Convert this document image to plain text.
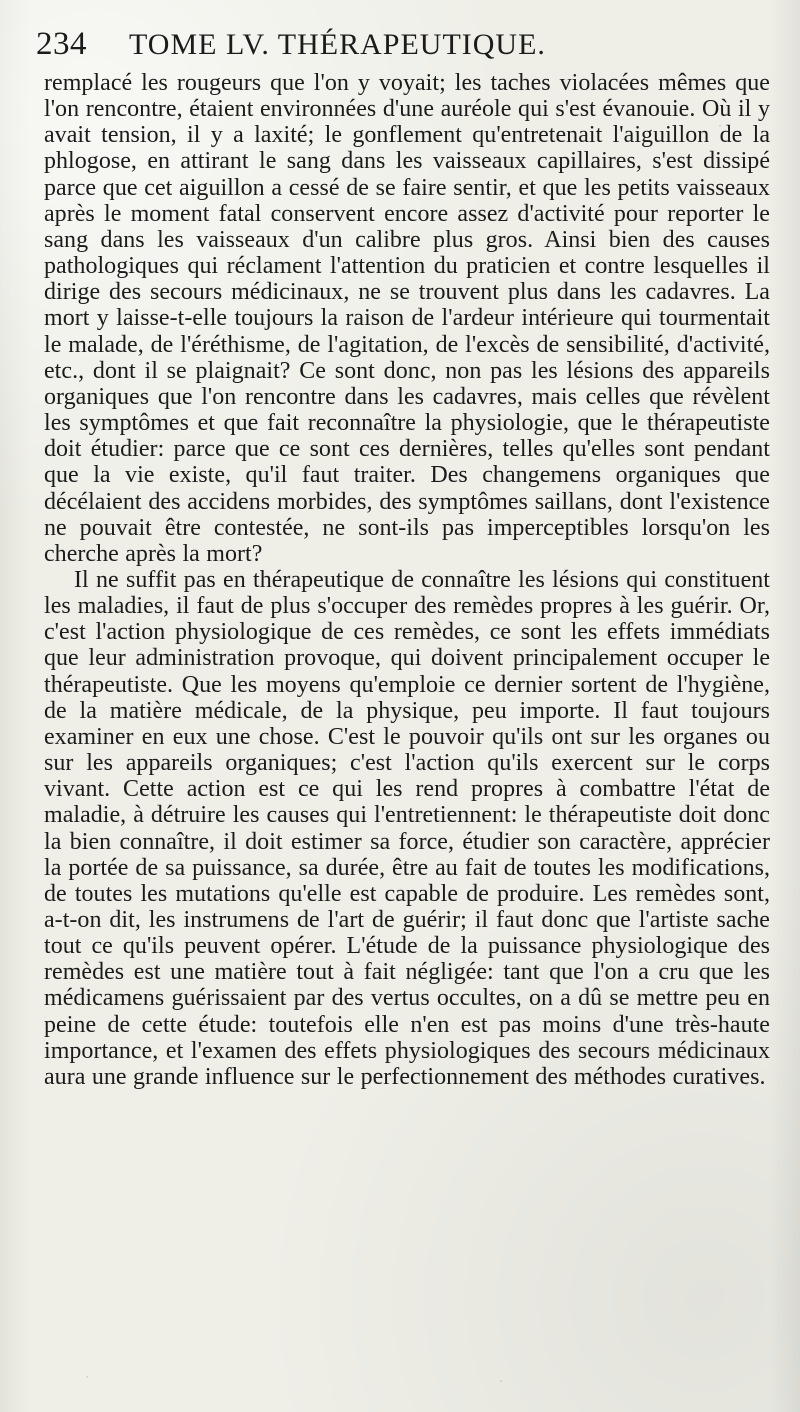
234 TOME LV. THÉRAPEUTIQUE.

remplacé les rougeurs que l'on y voyait; les taches violacées mêmes que l'on rencontre, étaient environnées d'une auréole qui s'est évanouie. Où il y avait tension, il y a laxité; le gonflement qu'entretenait l'aiguillon de la phlogose, en attirant le sang dans les vaisseaux capillaires, s'est dissipé parce que cet aiguillon a cessé de se faire sentir, et que les petits vaisseaux après le moment fatal conservent encore assez d'activité pour reporter le sang dans les vaisseaux d'un calibre plus gros. Ainsi bien des causes pathologiques qui réclament l'attention du praticien et contre lesquelles il dirige des secours médicinaux, ne se trouvent plus dans les cadavres. La mort y laisse-t-elle toujours la raison de l'ardeur intérieure qui tourmentait le malade, de l'éréthisme, de l'agitation, de l'excès de sensibilité, d'activité, etc., dont il se plaignait? Ce sont donc, non pas les lésions des appareils organiques que l'on rencontre dans les cadavres, mais celles que révèlent les symptômes et que fait reconnaître la physiologie, que le thérapeutiste doit étudier: parce que ce sont ces dernières, telles qu'elles sont pendant que la vie existe, qu'il faut traiter. Des changemens organiques que décélaient des accidens morbides, des symptômes saillans, dont l'existence ne pouvait être contestée, ne sont-ils pas imperceptibles lorsqu'on les cherche après la mort?

Il ne suffit pas en thérapeutique de connaître les lésions qui constituent les maladies, il faut de plus s'occuper des remèdes propres à les guérir. Or, c'est l'action physiologique de ces remèdes, ce sont les effets immédiats que leur administration provoque, qui doivent principalement occuper le thérapeutiste. Que les moyens qu'emploie ce dernier sortent de l'hygiène, de la matière médicale, de la physique, peu importe. Il faut toujours examiner en eux une chose. C'est le pouvoir qu'ils ont sur les organes ou sur les appareils organiques; c'est l'action qu'ils exercent sur le corps vivant. Cette action est ce qui les rend propres à combattre l'état de maladie, à détruire les causes qui l'entretiennent: le thérapeutiste doit donc la bien connaître, il doit estimer sa force, étudier son caractère, apprécier la portée de sa puissance, sa durée, être au fait de toutes les modifications, de toutes les mutations qu'elle est capable de produire. Les remèdes sont, a-t-on dit, les instrumens de l'art de guérir; il faut donc que l'artiste sache tout ce qu'ils peuvent opérer. L'étude de la puissance physiologique des remèdes est une matière tout à fait négligée: tant que l'on a cru que les médicamens guérissaient par des vertus occultes, on a dû se mettre peu en peine de cette étude: toutefois elle n'en est pas moins d'une très-haute importance, et l'examen des effets physiologiques des secours médicinaux aura une grande influence sur le perfectionnement des méthodes curatives.
